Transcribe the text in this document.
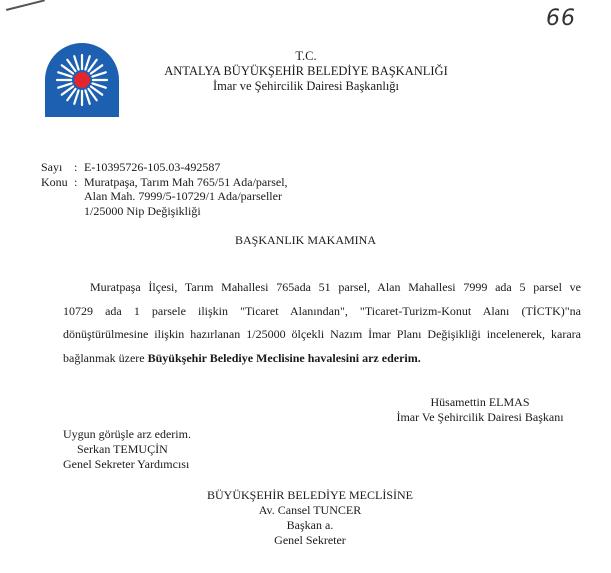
66
T.C.
ANTALYA BÜYÜKŞEHİR BELEDİYE BAŞKANLIĞI
İmar ve Şehircilik Dairesi Başkanlığı
Sayı : E-10395726-105.03-492587
Konu : Muratpaşa, Tarım Mah 765/51 Ada/parsel,
Alan Mah. 7999/5-10729/1 Ada/parseller
1/25000 Nip Değişikliği
BAŞKANLIK MAKAMINA
Muratpaşa İlçesi, Tarım Mahallesi 765ada 51 parsel, Alan Mahallesi 7999 ada 5 parsel ve
10729 ada 1 parsele ilişkin "Ticaret Alanından", "Ticaret-Turizm-Konut Alanı (TİCTK)"na
dönüştürülmesine ilişkin hazırlanan 1/25000 ölçekli Nazım İmar Planı Değişikliği incelenerek, karara
bağlanmak üzere Büyükşehir Belediye Meclisine havalesini arz ederim.
Hüsamettin ELMAS
İmar Ve Şehircilik Dairesi Başkanı
Uygun görüşle arz ederim.
Serkan TEMUÇİN
Genel Sekreter Yardımcısı
BÜYÜKŞEHİR BELEDİYE MECLİSİNE
Av. Cansel TUNCER
Başkan a.
Genel Sekreter
